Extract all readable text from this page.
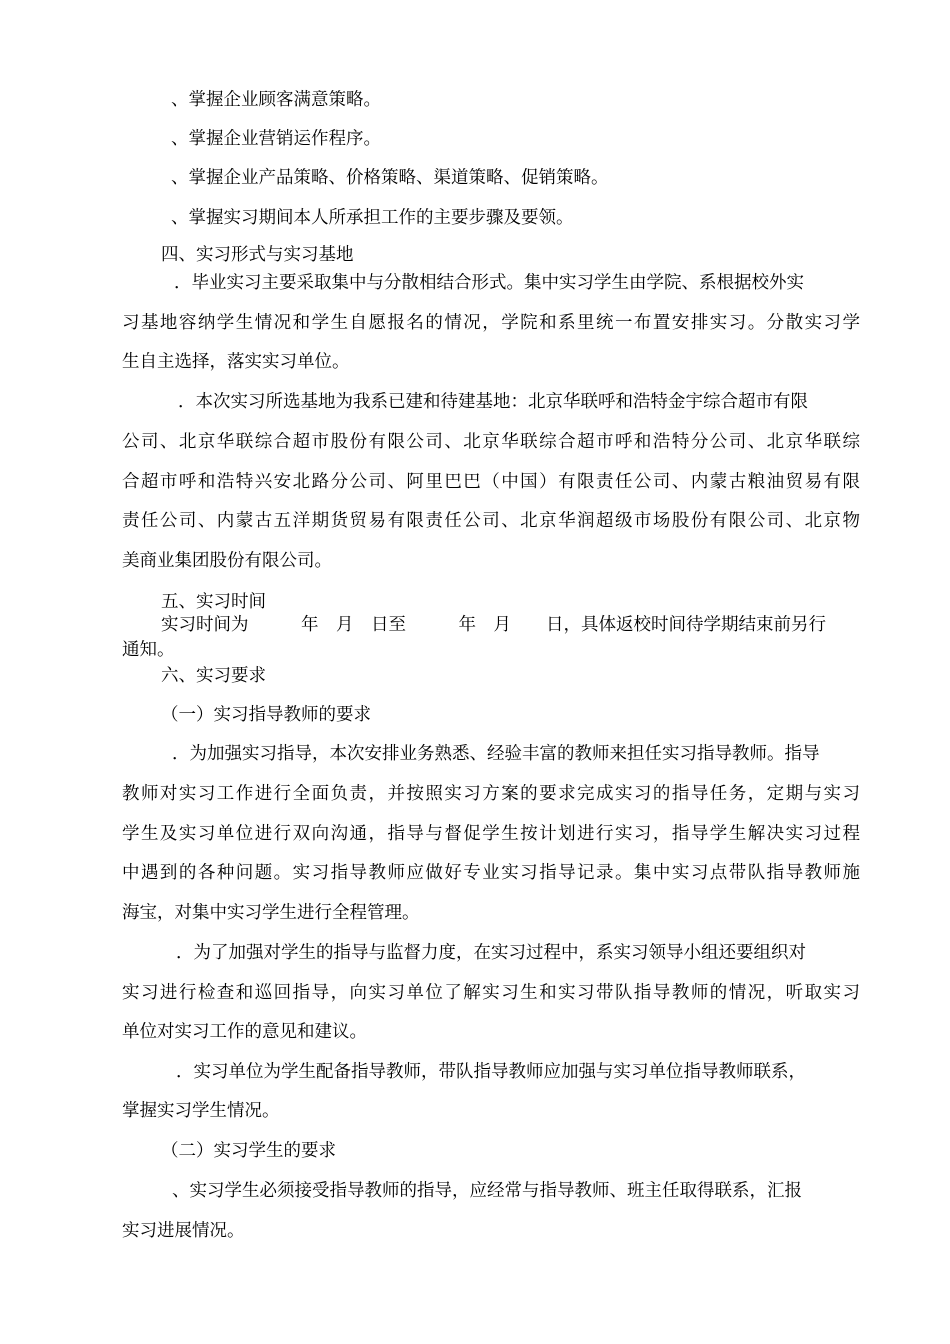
、掌握企业顾客满意策略。
、掌握企业营销运作程序。
、掌握企业产品策略、价格策略、渠道策略、促销策略。
、掌握实习期间本人所承担工作的主要步骤及要领。
四、实习形式与实习基地
．毕业实习主要采取集中与分散相结合形式。集中实习学生由学院、系根据校外实
习基地容纳学生情况和学生自愿报名的情况，学院和系里统一布置安排实习。分散实习学
生自主选择，落实实习单位。
．本次实习所选基地为我系已建和待建基地：北京华联呼和浩特金宇综合超市有限
公司、北京华联综合超市股份有限公司、北京华联综合超市呼和浩特分公司、北京华联综
合超市呼和浩特兴安北路分公司、阿里巴巴（中国）有限责任公司、内蒙古粮油贸易有限
责任公司、内蒙古五洋期货贸易有限责任公司、北京华润超级市场股份有限公司、北京物
美商业集团股份有限公司。
五、实习时间
实习时间为　　　年　月　日至　　　年　月　　日，具体返校时间待学期结束前另行
通知。
六、实习要求
（一）实习指导教师的要求
．为加强实习指导，本次安排业务熟悉、经验丰富的教师来担任实习指导教师。指导
教师对实习工作进行全面负责，并按照实习方案的要求完成实习的指导任务，定期与实习
学生及实习单位进行双向沟通，指导与督促学生按计划进行实习，指导学生解决实习过程
中遇到的各种问题。实习指导教师应做好专业实习指导记录。集中实习点带队指导教师施
海宝，对集中实习学生进行全程管理。
．为了加强对学生的指导与监督力度，在实习过程中，系实习领导小组还要组织对
实习进行检查和巡回指导，向实习单位了解实习生和实习带队指导教师的情况，听取实习
单位对实习工作的意见和建议。
．实习单位为学生配备指导教师，带队指导教师应加强与实习单位指导教师联系，
掌握实习学生情况。
（二）实习学生的要求
、实习学生必须接受指导教师的指导，应经常与指导教师、班主任取得联系，汇报
实习进展情况。
